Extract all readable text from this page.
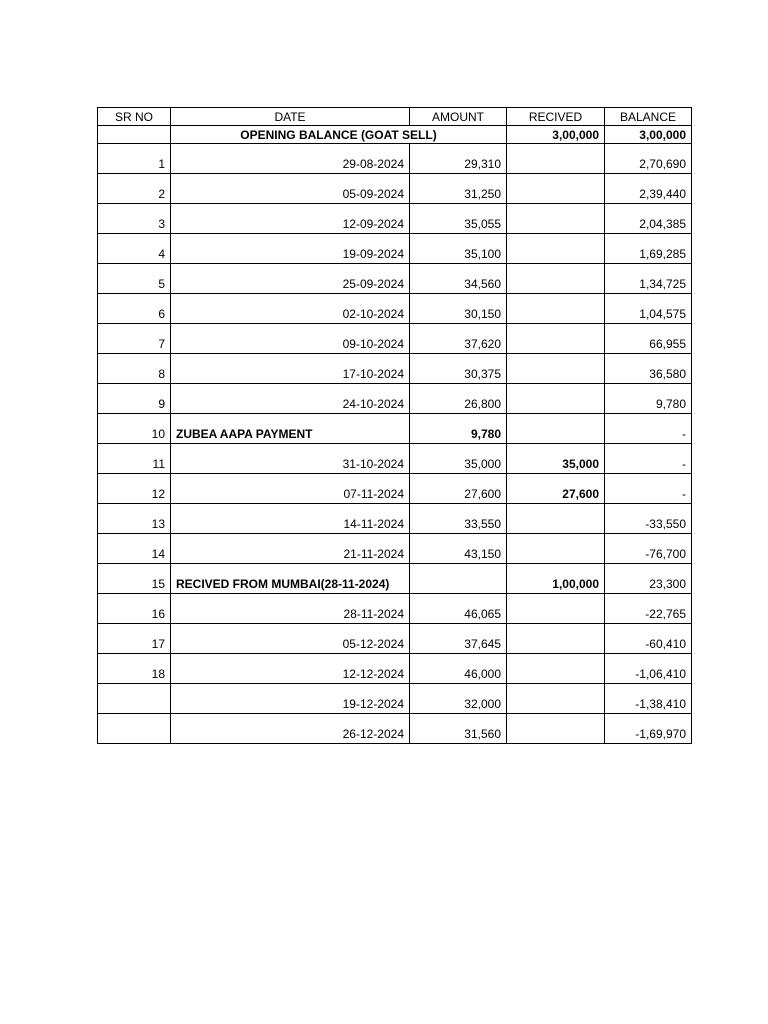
SR NO	DATE	AMOUNT	RECIVED	BALANCE
	OPENING BALANCE (GOAT SELL)		3,00,000	3,00,000
1	29-08-2024	29,310		2,70,690
2	05-09-2024	31,250		2,39,440
3	12-09-2024	35,055		2,04,385
4	19-09-2024	35,100		1,69,285
5	25-09-2024	34,560		1,34,725
6	02-10-2024	30,150		1,04,575
7	09-10-2024	37,620		66,955
8	17-10-2024	30,375		36,580
9	24-10-2024	26,800		9,780
10	ZUBEA AAPA PAYMENT	9,780		-
11	31-10-2024	35,000	35,000	-
12	07-11-2024	27,600	27,600	-
13	14-11-2024	33,550		-33,550
14	21-11-2024	43,150		-76,700
15	RECIVED FROM MUMBAI(28-11-2024)		1,00,000	23,300
16	28-11-2024	46,065		-22,765
17	05-12-2024	37,645		-60,410
18	12-12-2024	46,000		-1,06,410
	19-12-2024	32,000		-1,38,410
	26-12-2024	31,560		-1,69,970
